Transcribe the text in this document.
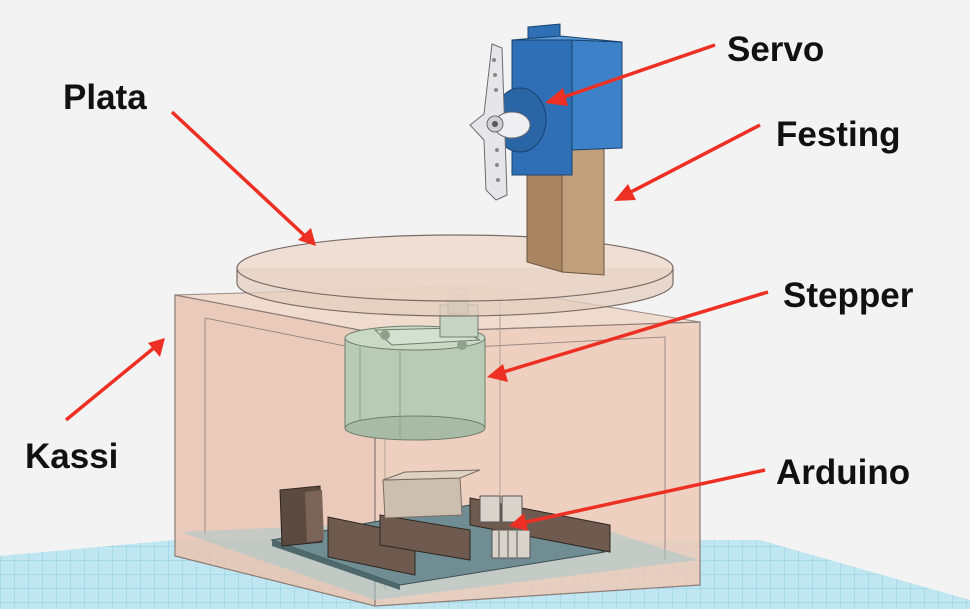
Servo
Festing
Plata
Stepper
Kassi	Arduino
